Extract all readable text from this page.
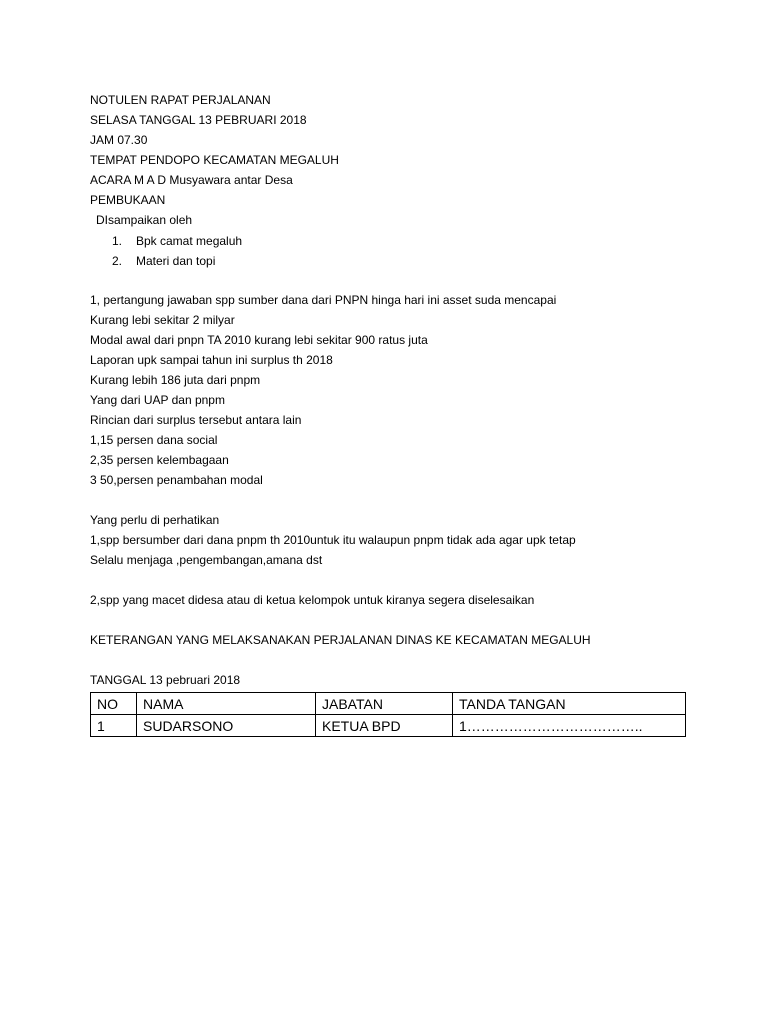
NOTULEN RAPAT PERJALANAN
SELASA TANGGAL 13 PEBRUARI 2018
JAM 07.30
TEMPAT PENDOPO KECAMATAN MEGALUH
ACARA M A D Musyawara antar Desa
PEMBUKAAN
DIsampaikan oleh
1. Bpk camat megaluh
2. Materi dan topi
1, pertangung jawaban spp sumber dana dari PNPN hinga hari ini asset suda mencapai
Kurang lebi sekitar 2 milyar
Modal awal dari pnpn TA 2010 kurang lebi sekitar 900 ratus juta
Laporan upk sampai tahun ini surplus th 2018
Kurang lebih 186 juta dari pnpm
Yang dari UAP dan pnpm
Rincian dari surplus tersebut antara lain
1,15 persen dana social
2,35 persen kelembagaan
3 50,persen penambahan modal
Yang perlu di perhatikan
1,spp bersumber dari dana pnpm th 2010untuk itu walaupun pnpm tidak ada agar upk tetap
Selalu menjaga ,pengembangan,amana dst
2,spp yang macet didesa atau di ketua kelompok untuk kiranya segera diselesaikan
KETERANGAN YANG MELAKSANAKAN PERJALANAN DINAS KE KECAMATAN MEGALUH
TANGGAL 13 pebruari 2018
NO	NAMA	JABATAN	TANDA TANGAN
1	SUDARSONO	KETUA BPD	1………………………………..
